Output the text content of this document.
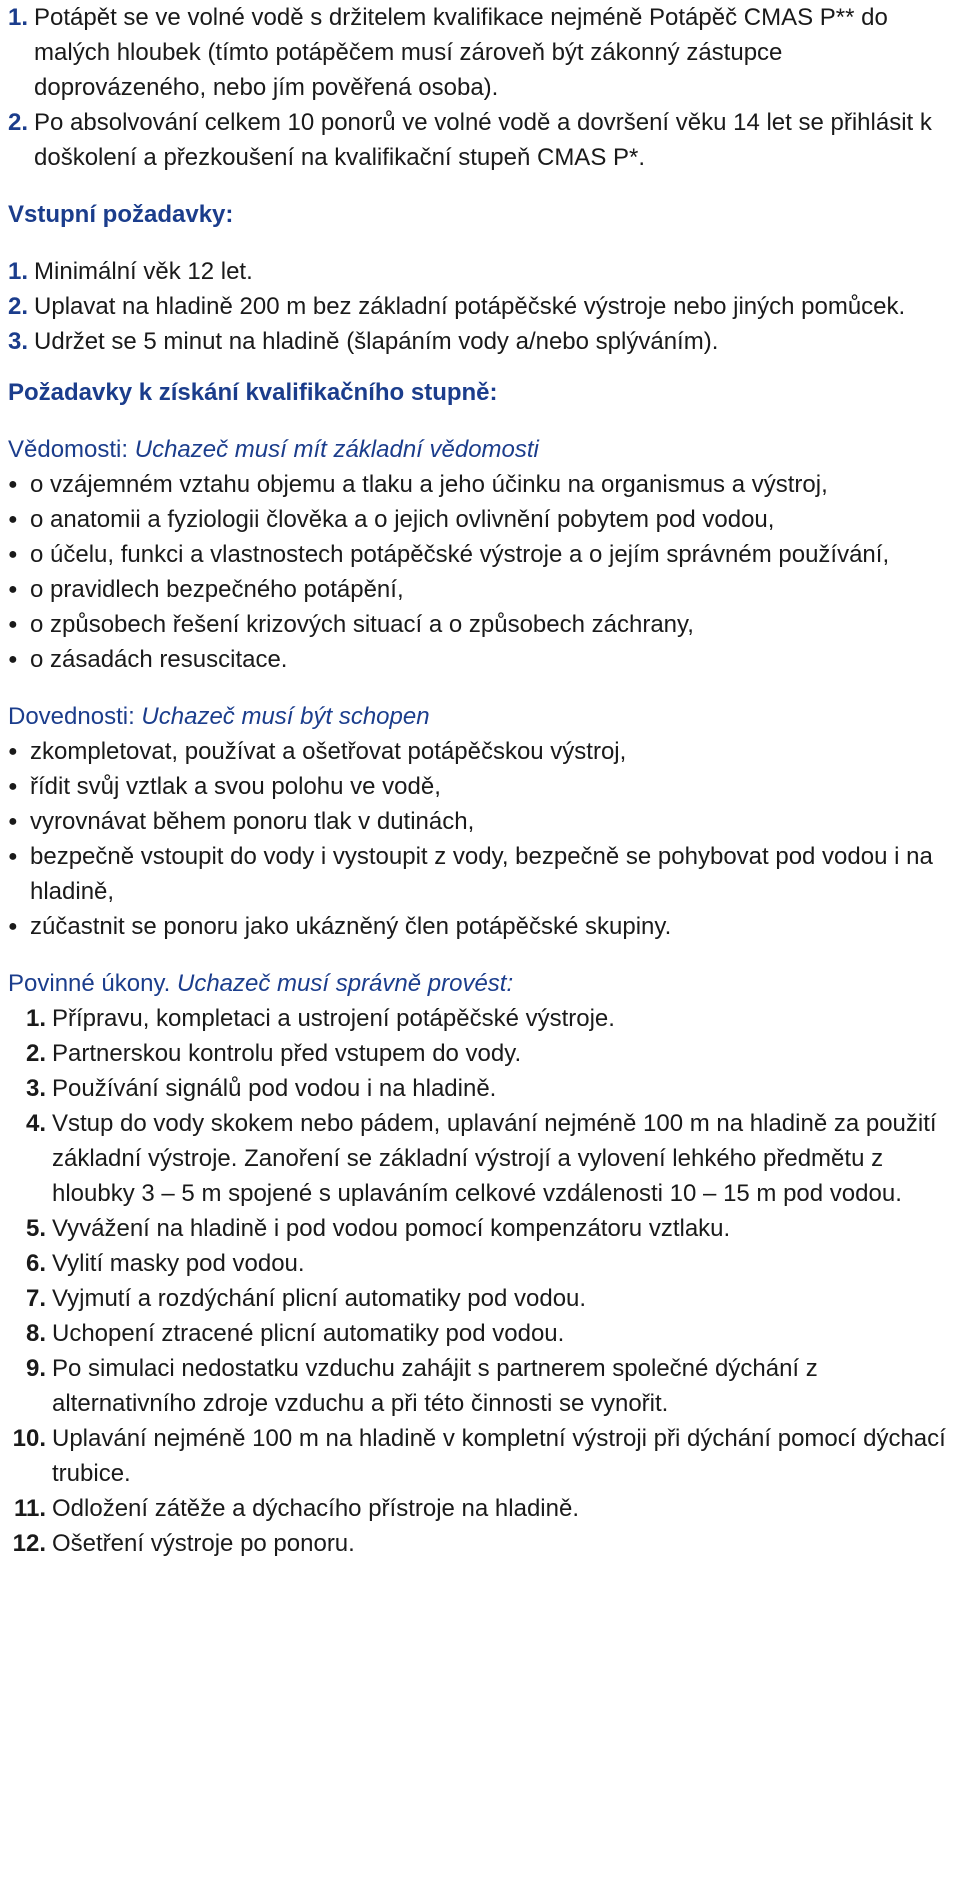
1. Potápět se ve volné vodě s držitelem kvalifikace nejméně Potápěč CMAS P** do malých hloubek (tímto potápěčem musí zároveň být zákonný zástupce doprovázeného, nebo jím pověřená osoba).
2. Po absolvování celkem 10 ponorů ve volné vodě a dovršení věku 14 let se přihlásit k doškolení a přezkoušení na kvalifikační stupeň CMAS P*.

Vstupní požadavky:

1. Minimální věk 12 let.
2. Uplavat na hladině 200 m bez základní potápěčské výstroje nebo jiných pomůcek.
3. Udržet se 5 minut na hladině (šlapáním vody a/nebo splýváním).

Požadavky k získání kvalifikačního stupně:

Vědomosti: Uchazeč musí mít základní vědomosti

● o vzájemném vztahu objemu a tlaku a jeho účinku na organismus a výstroj,
● o anatomii a fyziologii člověka a o jejich ovlivnění pobytem pod vodou,
● o účelu, funkci a vlastnostech potápěčské výstroje a o jejím správném používání,
● o pravidlech bezpečného potápění,
● o způsobech řešení krizových situací a o způsobech záchrany,
● o zásadách resuscitace.

Dovednosti: Uchazeč musí být schopen

● zkompletovat, používat a ošetřovat potápěčskou výstroj,
● řídit svůj vztlak a svou polohu ve vodě,
● vyrovnávat během ponoru tlak v dutinách,
● bezpečně vstoupit do vody i vystoupit z vody, bezpečně se pohybovat pod vodou i na hladině,
● zúčastnit se ponoru jako ukázněný člen potápěčské skupiny.

Povinné úkony. Uchazeč musí správně provést:

1. Přípravu, kompletaci a ustrojení potápěčské výstroje.
2. Partnerskou kontrolu před vstupem do vody.
3. Používání signálů pod vodou i na hladině.
4. Vstup do vody skokem nebo pádem, uplavání nejméně 100 m na hladině za použití základní výstroje. Zanoření se základní výstrojí a vylovení lehkého předmětu z hloubky 3 – 5 m spojené s uplaváním celkové vzdálenosti 10 – 15 m pod vodou.
5. Vyvážení na hladině i pod vodou pomocí kompenzátoru vztlaku.
6. Vylití masky pod vodou.
7. Vyjmutí a rozdýchání plicní automatiky pod vodou.
8. Uchopení ztracené plicní automatiky pod vodou.
9. Po simulaci nedostatku vzduchu zahájit s partnerem společné dýchání z alternativního zdroje vzduchu a při této činnosti se vynořit.
10. Uplavání nejméně 100 m na hladině v kompletní výstroji při dýchání pomocí dýchací trubice.
11. Odložení zátěže a dýchacího přístroje na hladině.
12. Ošetření výstroje po ponoru.
